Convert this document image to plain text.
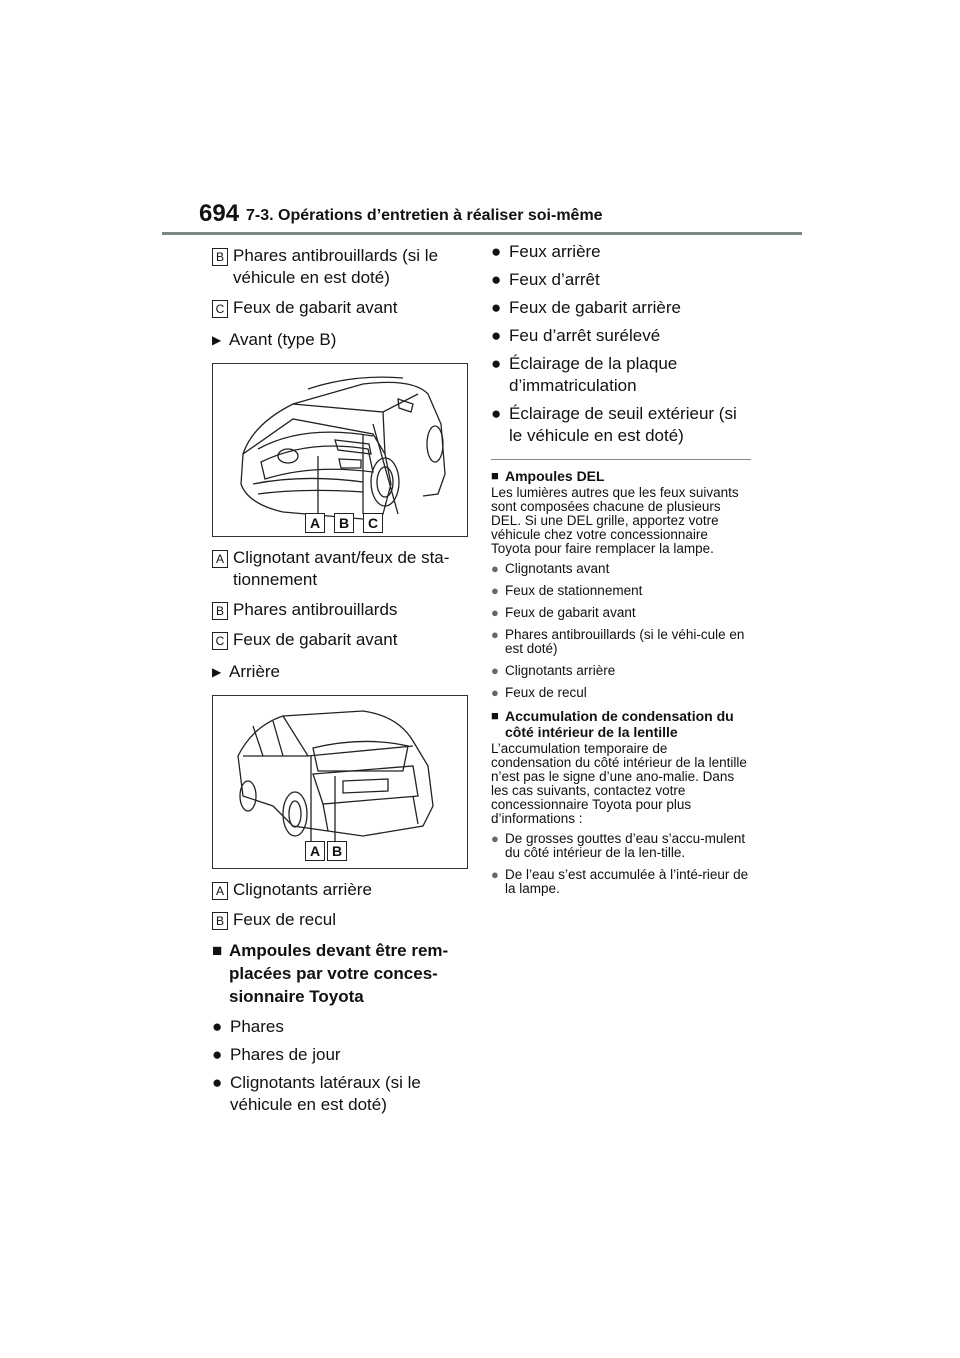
694 7-3. Opérations d’entretien à réaliser soi-même
B Phares antibrouillards (si le véhicule en est doté)
C Feux de gabarit avant
▶ Avant (type B)
A	B	C
A Clignotant avant/feux de sta-tionnement
B Phares antibrouillards
C Feux de gabarit avant
▶ Arrière
A B
A Clignotants arrière
B Feux de recul
■ Ampoules devant être rem-placées par votre conces-sionnaire Toyota
● Phares
● Phares de jour
● Clignotants latéraux (si le véhicule en est doté)
● Feux arrière
● Feux d’arrêt
● Feux de gabarit arrière
● Feu d’arrêt surélevé
● Éclairage de la plaque d’immatriculation
● Éclairage de seuil extérieur (si le véhicule en est doté)
■ Ampoules DEL

Les lumières autres que les feux suivants sont composées chacune de plusieurs DEL. Si une DEL grille, apportez votre véhicule chez votre concessionnaire Toyota pour faire remplacer la lampe.

● Clignotants avant
● Feux de stationnement
● Feux de gabarit avant
● Phares antibrouillards (si le véhi-cule en est doté)
● Clignotants arrière
● Feux de recul
■ Accumulation de condensation du côté intérieur de la lentille

L’accumulation temporaire de condensation du côté intérieur de la lentille n’est pas le signe d’une ano-malie. Dans les cas suivants, contactez votre concessionnaire Toyota pour plus d’informations :

● De grosses gouttes d’eau s’accu-mulent du côté intérieur de la len-tille.
● De l’eau s’est accumulée à l’inté-rieur de la lampe.
